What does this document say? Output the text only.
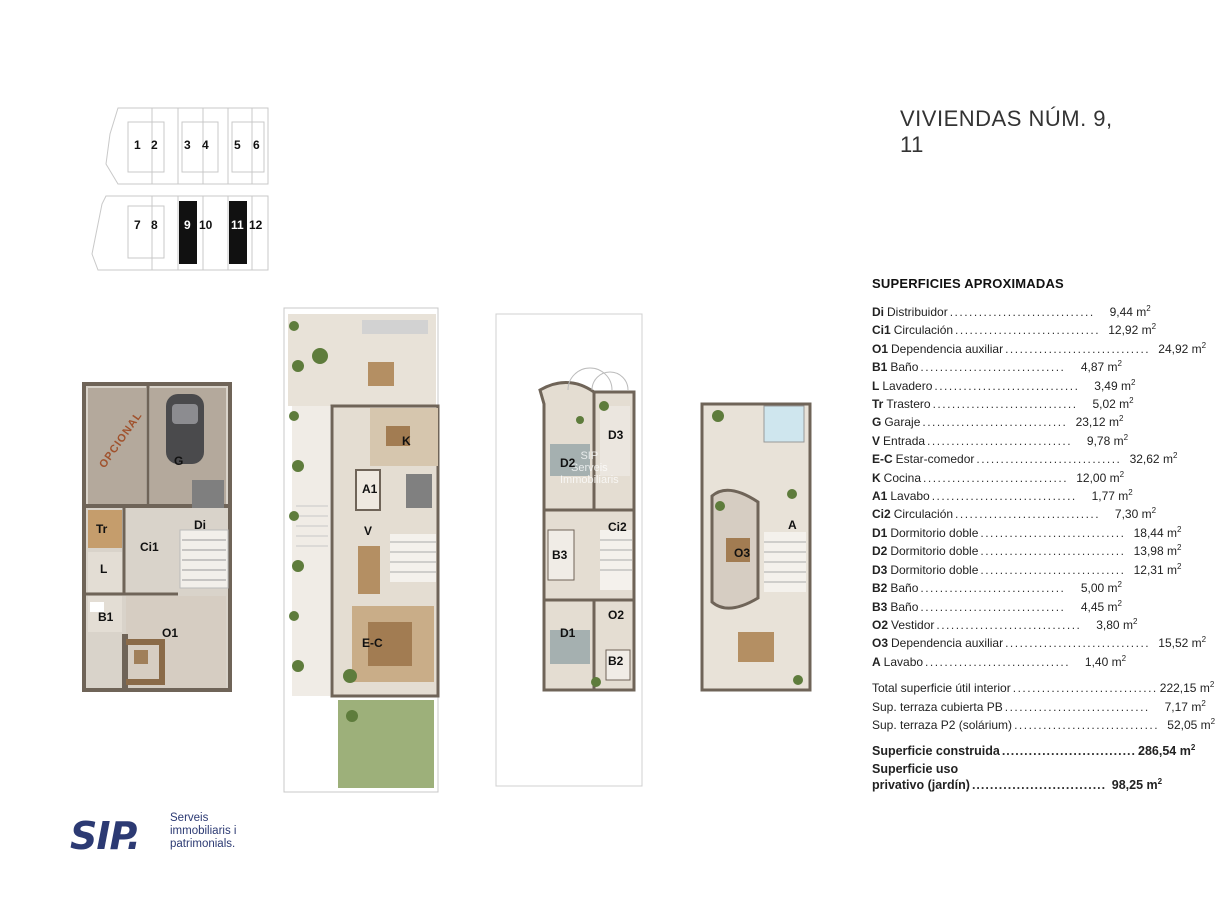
VIVIENDAS NÚM. 9, 11
1 2 3 4 5 6
7 8 9 10 11 12
OPCIONAL G
Tr	Di
Ci1
L
B1
O1
K
A1
V
E-C
SIP
Serveis
Immobiliaris
D2
D3
B3
Ci2
O2
D1
B2
A
O3
SUPERFICIES APROXIMADAS
Di Distribuidor ..............................	9,44 $m^2$
Ci1 Circulación .............................. 12,92 $m^2$
O1 Dependencia auxiliar .............................. 24,92 $m^2$
B1 Baño ..............................	4,87 $m^2$
L Lavadero ..............................	3,49 $m^2$
Tr Trastero ..............................	5,02 $m^2$
G Garaje .............................. 23,12 $m^2$
V Entrada ..............................	9,78 $m^2$
E-C Estar-comedor .............................. 32,62 $m^2$
K Cocina .............................. 12,00 $m^2$
A1 Lavabo ..............................	1,77 $m^2$
Ci2 Circulación ..............................	7,30 $m^2$
D1 Dormitorio doble .............................. 18,44 $m^2$
D2 Dormitorio doble .............................. 13,98 $m^2$
D3 Dormitorio doble .............................. 12,31 $m^2$
B2 Baño ..............................	5,00 $m^2$
B3 Baño ..............................	4,45 $m^2$
O2 Vestidor ..............................	3,80 $m^2$
O3 Dependencia auxiliar .............................. 15,52 $m^2$
A Lavabo ..............................	1,40 $m^2$
Total superficie útil interior .............................. 222,15 $m^2$
Sup. terraza cubierta PB ..............................	7,17 $m^2$
Sup. terraza P2 (solárium) .............................. 52,05 $m^2$
Superficie construida .............................. 286,54 $m^2$
Superficie uso
privativo (jardín) .............................. 98,25 $m^2$
SIP.	Serveis
immobiliaris i
patrimonials.
